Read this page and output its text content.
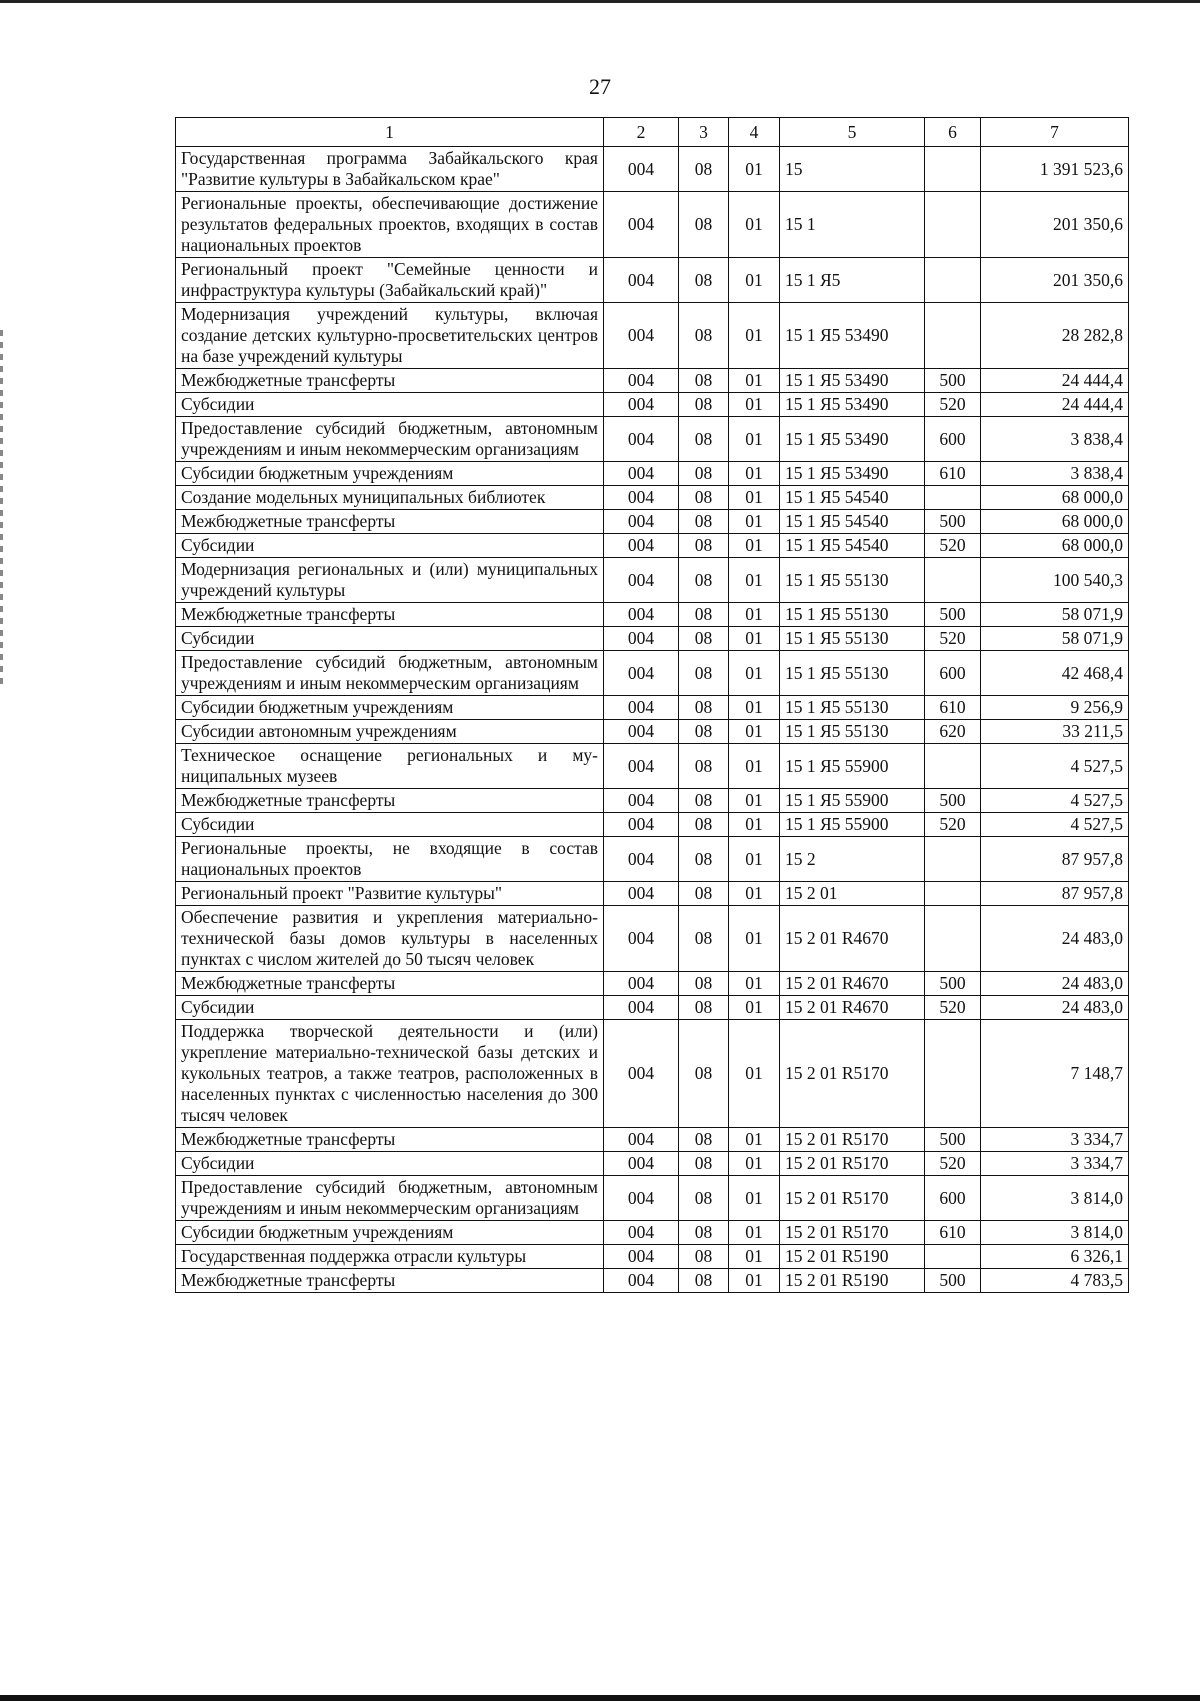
27
1	2	3	4	5	6	7
Государственная программа Забайкальского края "Развитие культуры в Забайкальском крае"	004	08	01	15		1 391 523,6
Региональные проекты, обеспечивающие достижение результатов федеральных проектов, входящих в состав национальных проектов	004	08	01	15 1		201 350,6
Региональный проект "Семейные ценности и инфраструктура культуры (Забайкальский край)"	004	08	01	15 1 Я5		201 350,6
Модернизация учреждений культуры, включая создание детских культурно-просветительских центров на базе учреждений культуры	004	08	01	15 1 Я5 53490		28 282,8
Межбюджетные трансферты	004	08	01	15 1 Я5 53490	500	24 444,4
Субсидии	004	08	01	15 1 Я5 53490	520	24 444,4
Предоставление субсидий бюджетным, автономным учреждениям и иным некоммерческим организациям	004	08	01	15 1 Я5 53490	600	3 838,4
Субсидии бюджетным учреждениям	004	08	01	15 1 Я5 53490	610	3 838,4
Создание модельных муниципальных библиотек	004	08	01	15 1 Я5 54540		68 000,0
Межбюджетные трансферты	004	08	01	15 1 Я5 54540	500	68 000,0
Субсидии	004	08	01	15 1 Я5 54540	520	68 000,0
Модернизация региональных и (или) муниципальных учреждений культуры	004	08	01	15 1 Я5 55130		100 540,3
Межбюджетные трансферты	004	08	01	15 1 Я5 55130	500	58 071,9
Субсидии	004	08	01	15 1 Я5 55130	520	58 071,9
Предоставление субсидий бюджетным, автономным учреждениям и иным некоммерческим организациям	004	08	01	15 1 Я5 55130	600	42 468,4
Субсидии бюджетным учреждениям	004	08	01	15 1 Я5 55130	610	9 256,9
Субсидии автономным учреждениям	004	08	01	15 1 Я5 55130	620	33 211,5
Техническое оснащение региональных и муниципальных музеев	004	08	01	15 1 Я5 55900		4 527,5
Межбюджетные трансферты	004	08	01	15 1 Я5 55900	500	4 527,5
Субсидии	004	08	01	15 1 Я5 55900	520	4 527,5
Региональные проекты, не входящие в состав национальных проектов	004	08	01	15 2		87 957,8
Региональный проект "Развитие культуры"	004	08	01	15 2 01		87 957,8
Обеспечение развития и укрепления материально-технической базы домов культуры в населенных пунктах с числом жителей до 50 тысяч человек	004	08	01	15 2 01 R4670		24 483,0
Межбюджетные трансферты	004	08	01	15 2 01 R4670	500	24 483,0
Субсидии	004	08	01	15 2 01 R4670	520	24 483,0
Поддержка творческой деятельности и (или) укрепление материально-технической базы детских и кукольных театров, а также театров, расположенных в населенных пунктах с численностью населения до 300 тысяч человек	004	08	01	15 2 01 R5170		7 148,7
Межбюджетные трансферты	004	08	01	15 2 01 R5170	500	3 334,7
Субсидии	004	08	01	15 2 01 R5170	520	3 334,7
Предоставление субсидий бюджетным, автономным учреждениям и иным некоммерческим организациям	004	08	01	15 2 01 R5170	600	3 814,0
Субсидии бюджетным учреждениям	004	08	01	15 2 01 R5170	610	3 814,0
Государственная поддержка отрасли культуры	004	08	01	15 2 01 R5190		6 326,1
Межбюджетные трансферты	004	08	01	15 2 01 R5190	500	4 783,5
